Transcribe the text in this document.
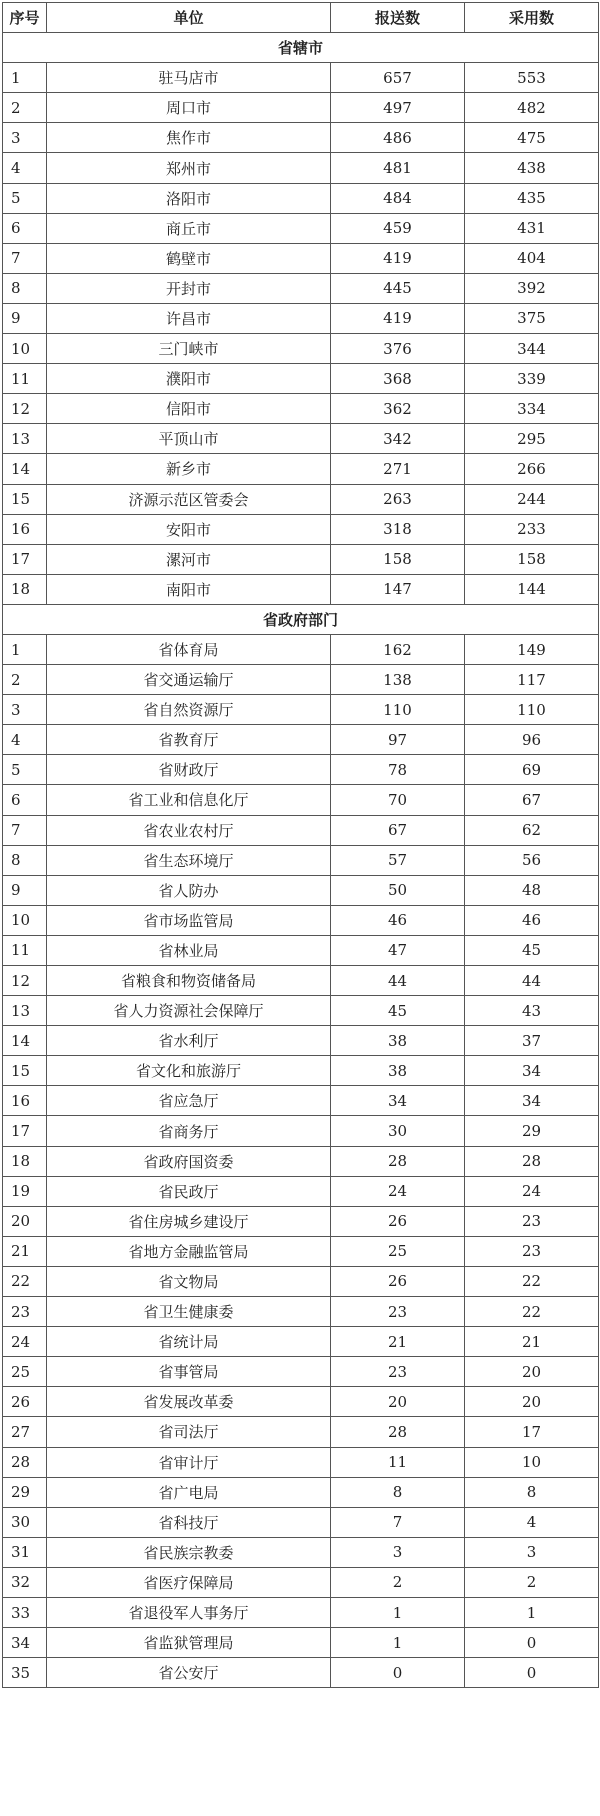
序号	单位	报送数	采用数
省辖市			
1	驻马店市	657	553
2	周口市	497	482
3	焦作市	486	475
4	郑州市	481	438
5	洛阳市	484	435
6	商丘市	459	431
7	鹤壁市	419	404
8	开封市	445	392
9	许昌市	419	375
10	三门峡市	376	344
11	濮阳市	368	339
12	信阳市	362	334
13	平顶山市	342	295
14	新乡市	271	266
15	济源示范区管委会	263	244
16	安阳市	318	233
17	漯河市	158	158
18	南阳市	147	144
省政府部门			
1	省体育局	162	149
2	省交通运输厅	138	117
3	省自然资源厅	110	110
4	省教育厅	97	96
5	省财政厅	78	69
6	省工业和信息化厅	70	67
7	省农业农村厅	67	62
8	省生态环境厅	57	56
9	省人防办	50	48
10	省市场监管局	46	46
11	省林业局	47	45
12	省粮食和物资储备局	44	44
13	省人力资源社会保障厅	45	43
14	省水利厅	38	37
15	省文化和旅游厅	38	34
16	省应急厅	34	34
17	省商务厅	30	29
18	省政府国资委	28	28
19	省民政厅	24	24
20	省住房城乡建设厅	26	23
21	省地方金融监管局	25	23
22	省文物局	26	22
23	省卫生健康委	23	22
24	省统计局	21	21
25	省事管局	23	20
26	省发展改革委	20	20
27	省司法厅	28	17
28	省审计厅	11	10
29	省广电局	8	8
30	省科技厅	7	4
31	省民族宗教委	3	3
32	省医疗保障局	2	2
33	省退役军人事务厅	1	1
34	省监狱管理局	1	0
35	省公安厅	0	0
